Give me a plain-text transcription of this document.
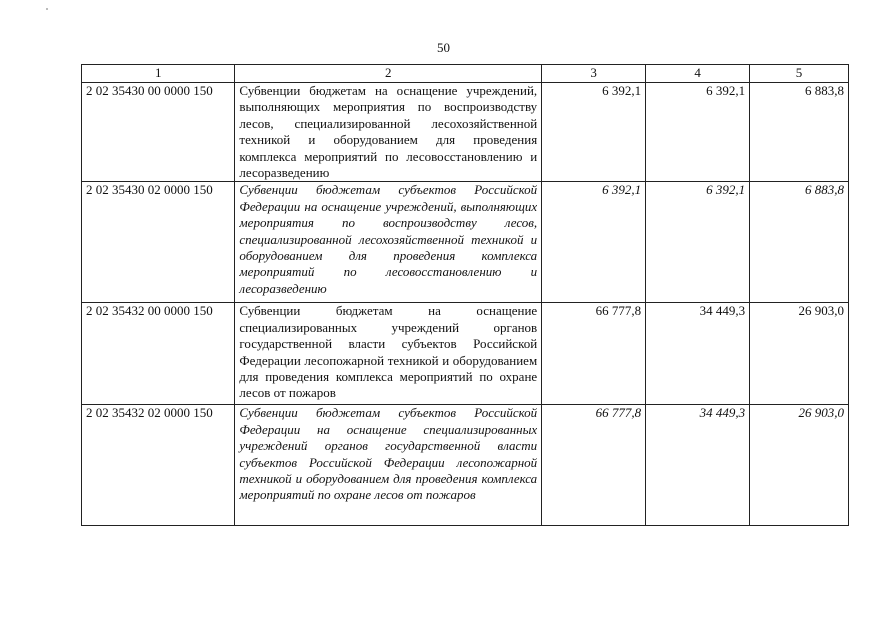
50
1	2	3	4	5
2 02 35430 00 0000 150	Субвенции бюджетам на оснащение учреждений, выполняющих мероприятия по воспроизводству лесов, специализированной лесохозяйственной техникой и оборудованием для проведения комплекса мероприятий по лесовосстановлению и лесоразведению	6 392,1	6 392,1	6 883,8
2 02 35430 02 0000 150	Субвенции бюджетам субъектов Российской Федерации на оснащение учреждений, выполняющих мероприятия по воспроизводству лесов, специализированной лесохозяйственной техникой и оборудованием для проведения комплекса мероприятий по лесовосстановлению и лесоразведению	6 392,1	6 392,1	6 883,8
2 02 35432 00 0000 150	Субвенции бюджетам на оснащение специализированных учреждений органов государственной власти субъектов Российской Федерации лесопожарной техникой и оборудованием для проведения комплекса мероприятий по охране лесов от пожаров	66 777,8	34 449,3	26 903,0
2 02 35432 02 0000 150	Субвенции бюджетам субъектов Российской Федерации на оснащение специализированных учреждений органов государственной власти субъектов Российской Федерации лесопожарной техникой и оборудованием для проведения комплекса мероприятий по охране лесов от пожаров	66 777,8	34 449,3	26 903,0
